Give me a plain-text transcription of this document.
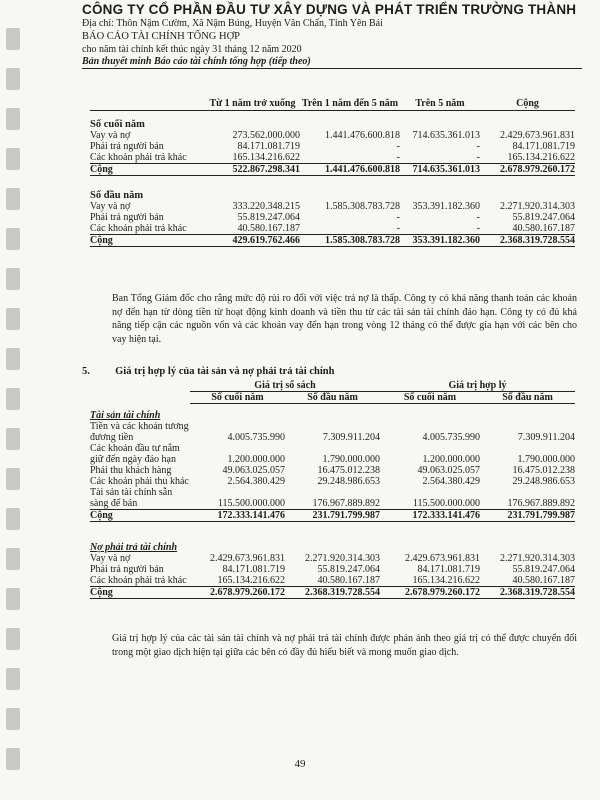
CÔNG TY CỔ PHẦN ĐẦU TƯ XÂY DỰNG VÀ PHÁT TRIỂN TRƯỜNG THÀNH
Địa chỉ: Thôn Nậm Cườm, Xã Nậm Búng, Huyện Văn Chấn, Tỉnh Yên Bái
BÁO CÁO TÀI CHÍNH TỔNG HỢP
cho năm tài chính kết thúc ngày 31 tháng 12 năm 2020
Bản thuyết minh Báo cáo tài chính tổng hợp (tiếp theo)
	Từ 1 năm trở xuống	Trên 1 năm đến 5 năm	Trên 5 năm	Cộng
Số cuối năm				
Vay và nợ	273.562.000.000	1.441.476.600.818	714.635.361.013	2.429.673.961.831
Phải trả người bán	84.171.081.719	-	-	84.171.081.719
Các khoản phải trả khác	165.134.216.622	-	-	165.134.216.622
Cộng	522.867.298.341	1.441.476.600.818	714.635.361.013	2.678.979.260.172
Số đầu năm				
Vay và nợ	333.220.348.215	1.585.308.783.728	353.391.182.360	2.271.920.314.303
Phải trả người bán	55.819.247.064	-	-	55.819.247.064
Các khoản phải trả khác	40.580.167.187	-	-	40.580.167.187
Cộng	429.619.762.466	1.585.308.783.728	353.391.182.360	2.368.319.728.554
Ban Tổng Giám đốc cho rằng mức độ rủi ro đối với việc trả nợ là thấp. Công ty có khả năng thanh toán các khoản nợ đến hạn từ dòng tiền từ hoạt động kinh doanh và tiền thu từ các tài sản tài chính đáo hạn. Công ty có đủ khả năng tiếp cận các nguồn vốn và các khoản vay đến hạn trong vòng 12 tháng có thể được gia hạn với các bên cho vay hiện tại.
5. Giá trị hợp lý của tài sản và nợ phải trả tài chính
	Giá trị sổ sách		Giá trị hợp lý	
	Số cuối năm	Số đầu năm	Số cuối năm	Số đầu năm
Tài sản tài chính				
Tiền và các khoản tương đương tiền	4.005.735.990	7.309.911.204	4.005.735.990	7.309.911.204
Các khoản đầu tư nắm giữ đến ngày đáo hạn	1.200.000.000	1.790.000.000	1.200.000.000	1.790.000.000
Phải thu khách hàng	49.063.025.057	16.475.012.238	49.063.025.057	16.475.012.238
Các khoản phải thu khác	2.564.380.429	29.248.986.653	2.564.380.429	29.248.986.653
Tài sản tài chính sẵn sàng để bán	115.500.000.000	176.967.889.892	115.500.000.000	176.967.889.892
Cộng	172.333.141.476	231.791.799.987	172.333.141.476	231.791.799.987
Nợ phải trả tài chính				
Vay và nợ	2.429.673.961.831	2.271.920.314.303	2.429.673.961.831	2.271.920.314.303
Phải trả người bán	84.171.081.719	55.819.247.064	84.171.081.719	55.819.247.064
Các khoản phải trả khác	165.134.216.622	40.580.167.187	165.134.216.622	40.580.167.187
Cộng	2.678.979.260.172	2.368.319.728.554	2.678.979.260.172	2.368.319.728.554
Giá trị hợp lý của các tài sản tài chính và nợ phải trả tài chính được phản ánh theo giá trị có thể được chuyển đổi trong một giao dịch hiện tại giữa các bên có đầy đủ hiểu biết và mong muốn giao dịch.
49
